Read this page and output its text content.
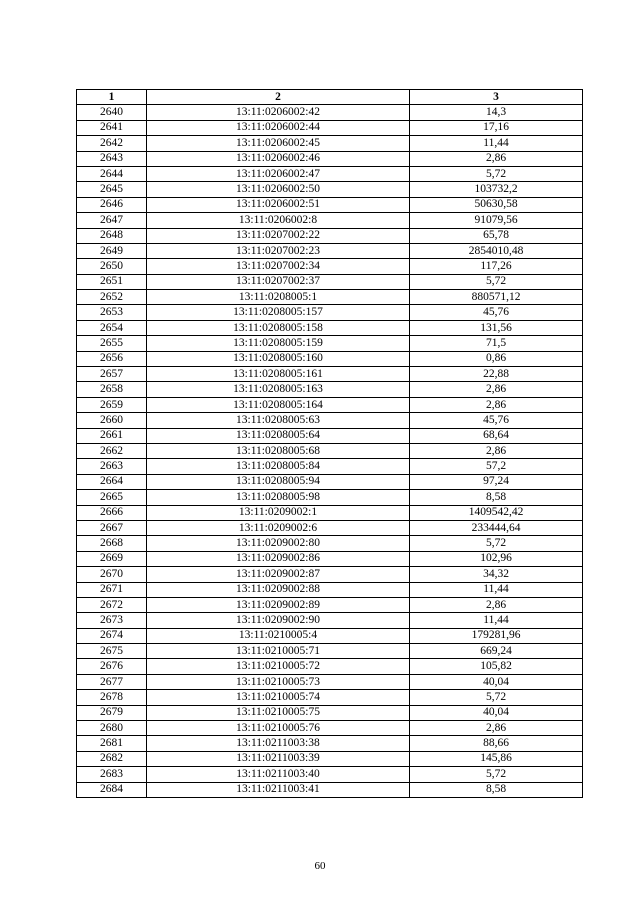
1	2	3
2640	13:11:0206002:42	14,3
2641	13:11:0206002:44	17,16
2642	13:11:0206002:45	11,44
2643	13:11:0206002:46	2,86
2644	13:11:0206002:47	5,72
2645	13:11:0206002:50	103732,2
2646	13:11:0206002:51	50630,58
2647	13:11:0206002:8	91079,56
2648	13:11:0207002:22	65,78
2649	13:11:0207002:23	2854010,48
2650	13:11:0207002:34	117,26
2651	13:11:0207002:37	5,72
2652	13:11:0208005:1	880571,12
2653	13:11:0208005:157	45,76
2654	13:11:0208005:158	131,56
2655	13:11:0208005:159	71,5
2656	13:11:0208005:160	0,86
2657	13:11:0208005:161	22,88
2658	13:11:0208005:163	2,86
2659	13:11:0208005:164	2,86
2660	13:11:0208005:63	45,76
2661	13:11:0208005:64	68,64
2662	13:11:0208005:68	2,86
2663	13:11:0208005:84	57,2
2664	13:11:0208005:94	97,24
2665	13:11:0208005:98	8,58
2666	13:11:0209002:1	1409542,42
2667	13:11:0209002:6	233444,64
2668	13:11:0209002:80	5,72
2669	13:11:0209002:86	102,96
2670	13:11:0209002:87	34,32
2671	13:11:0209002:88	11,44
2672	13:11:0209002:89	2,86
2673	13:11:0209002:90	11,44
2674	13:11:0210005:4	179281,96
2675	13:11:0210005:71	669,24
2676	13:11:0210005:72	105,82
2677	13:11:0210005:73	40,04
2678	13:11:0210005:74	5,72
2679	13:11:0210005:75	40,04
2680	13:11:0210005:76	2,86
2681	13:11:0211003:38	88,66
2682	13:11:0211003:39	145,86
2683	13:11:0211003:40	5,72
2684	13:11:0211003:41	8,58
60
